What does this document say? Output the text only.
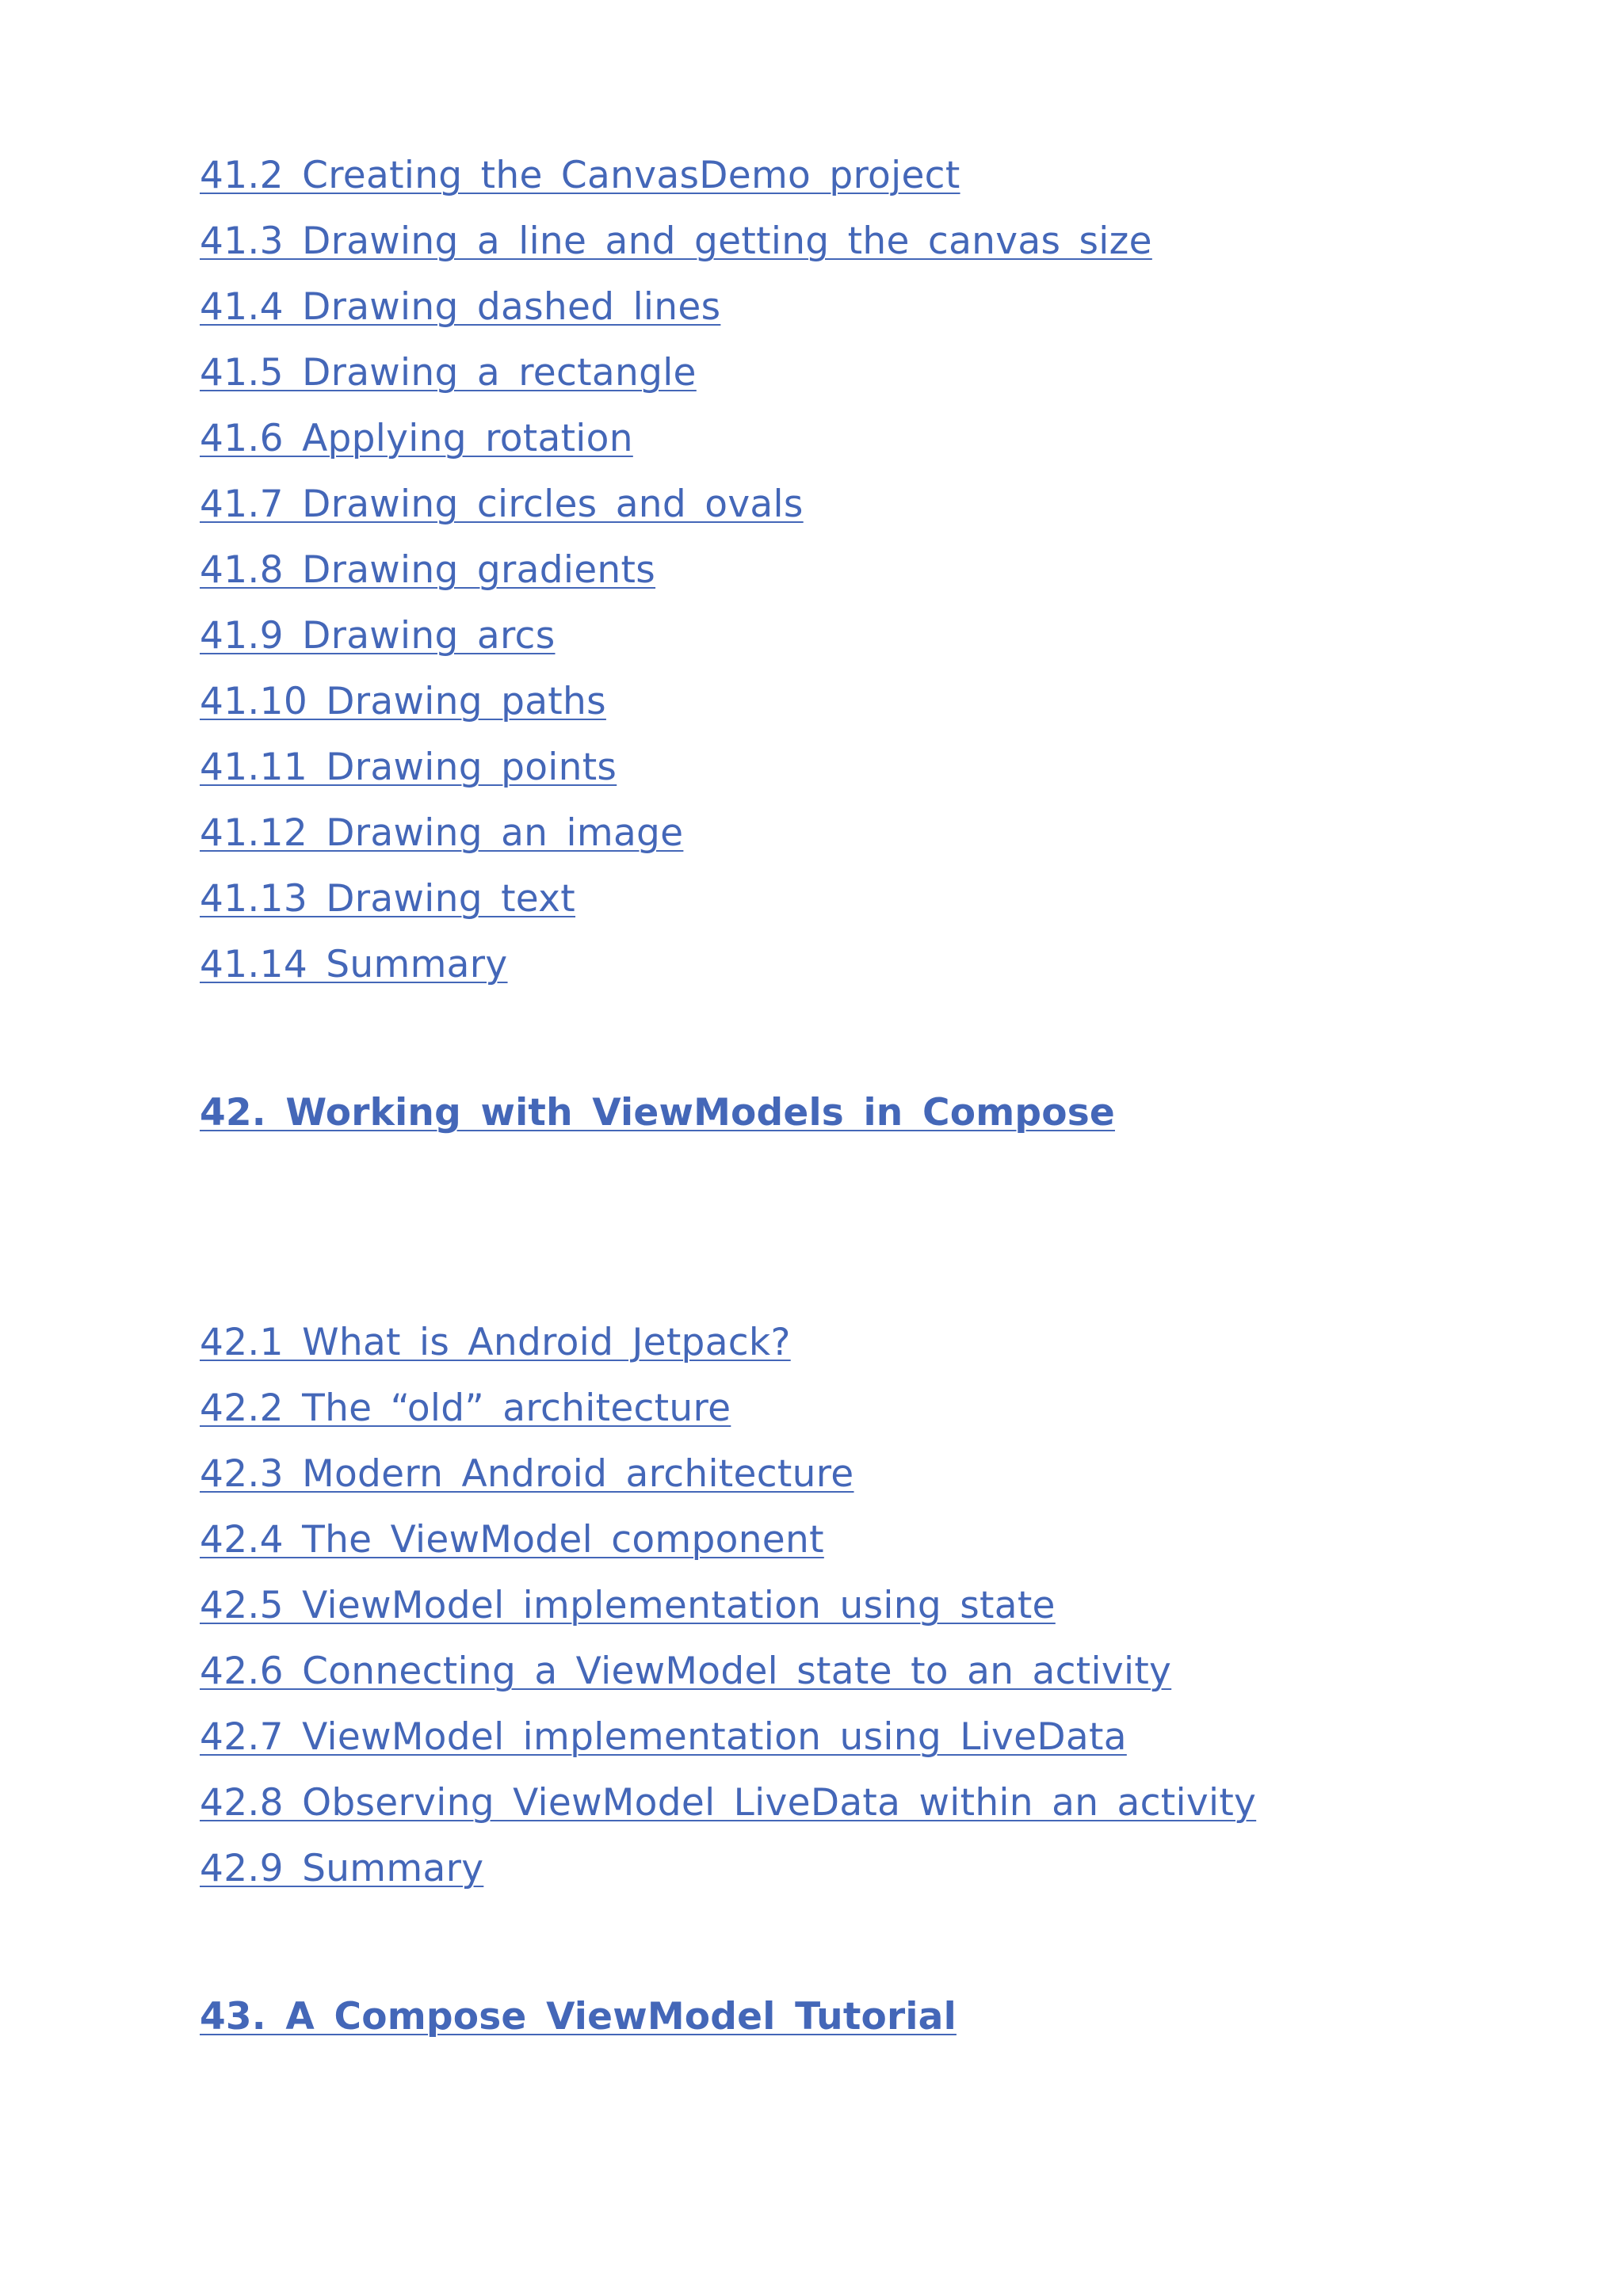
41.2 Creating the CanvasDemo project
41.3 Drawing a line and getting the canvas size
41.4 Drawing dashed lines
41.5 Drawing a rectangle
41.6 Applying rotation
41.7 Drawing circles and ovals
41.8 Drawing gradients
41.9 Drawing arcs
41.10 Drawing paths
41.11 Drawing points
41.12 Drawing an image
41.13 Drawing text
41.14 Summary
42. Working with ViewModels in Compose
42.1 What is Android Jetpack?
42.2 The “old” architecture
42.3 Modern Android architecture
42.4 The ViewModel component
42.5 ViewModel implementation using state
42.6 Connecting a ViewModel state to an activity
42.7 ViewModel implementation using LiveData
42.8 Observing ViewModel LiveData within an activity
42.9 Summary
43. A Compose ViewModel Tutorial
